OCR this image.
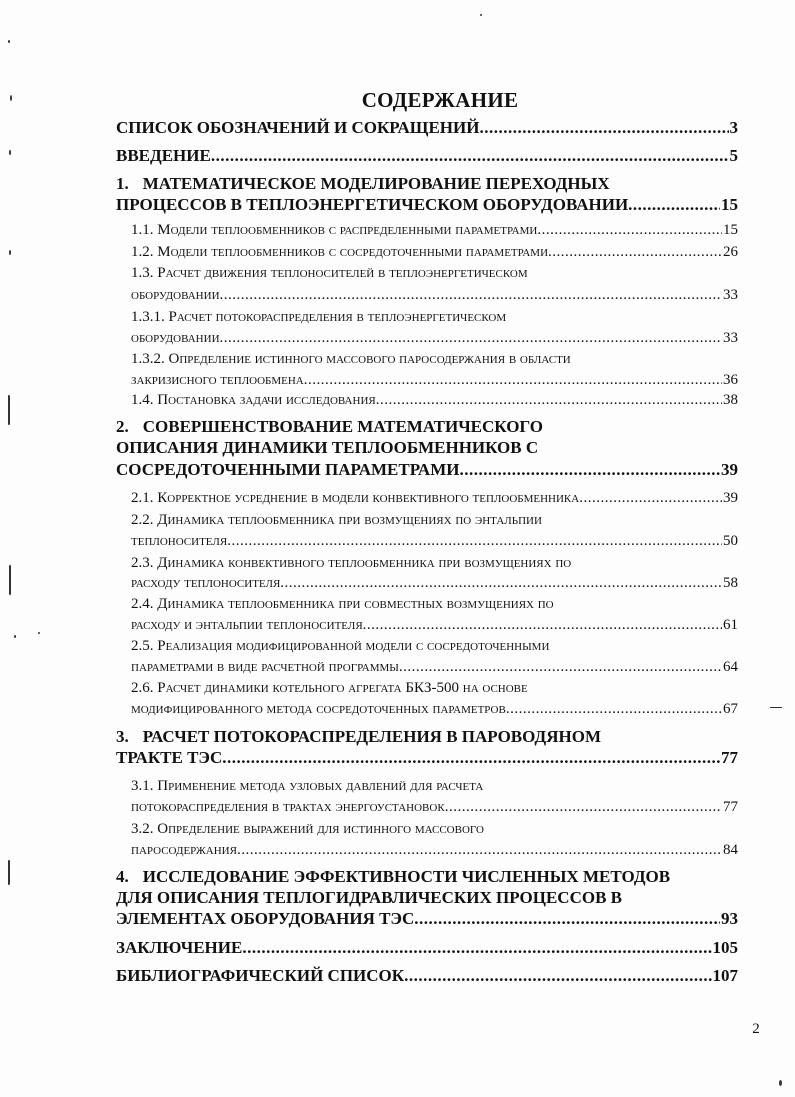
СОДЕРЖАНИЕ
СПИСОК ОБОЗНАЧЕНИЙ И СОКРАЩЕНИЙ .....	3
ВВЕДЕНИЕ .....	5
1. МАТЕМАТИЧЕСКОЕ МОДЕЛИРОВАНИЕ ПЕРЕХОДНЫХ
ПРОЦЕССОВ В ТЕПЛОЭНЕРГЕТИЧЕСКОМ ОБОРУДОВАНИИ .....	15
1.1. Модели теплообменников с распределенными параметрами .....	15
1.2. Модели теплообменников с сосредоточенными параметрами .....	26
1.3. Расчет движения теплоносителей в теплоэнергетическом
оборудовании .....	33
1.3.1. Расчет потокораспределения в теплоэнергетическом
оборудовании .....	33
1.3.2. Определение истинного массового паросодержания в области
закризисного теплообмена .....	36
1.4. Постановка задачи исследования .....	38
2. СОВЕРШЕНСТВОВАНИЕ МАТЕМАТИЧЕСКОГО
ОПИСАНИЯ ДИНАМИКИ ТЕПЛООБМЕННИКОВ С
СОСРЕДОТОЧЕННЫМИ ПАРАМЕТРАМИ .....	39
2.1. Корректное усреднение в модели конвективного теплообменника .....	39
2.2. Динамика теплообменника при возмущениях по энтальпии
теплоносителя .....	50
2.3. Динамика конвективного теплообменника при возмущениях по
расходу теплоносителя .....	58
2.4. Динамика теплообменника при совместных возмущениях по
расходу и энтальпии теплоносителя .....	61
2.5. Реализация модифицированной модели с сосредоточенными
параметрами в виде расчетной программы .....	64
2.6. Расчет динамики котельного агрегата БКЗ-500 на основе
модифицированного метода сосредоточенных параметров .....	67
3. РАСЧЕТ ПОТОКОРАСПРЕДЕЛЕНИЯ В ПАРОВОДЯНОМ
ТРАКТЕ ТЭС .....	77
3.1. Применение метода узловых давлений для расчета
потокораспределения в трактах энергоустановок .....	77
3.2. Определение выражений для истинного массового
паросодержания .....	84
4. ИССЛЕДОВАНИЕ ЭФФЕКТИВНОСТИ ЧИСЛЕННЫХ МЕТОДОВ
ДЛЯ ОПИСАНИЯ ТЕПЛОГИДРАВЛИЧЕСКИХ ПРОЦЕССОВ В
ЭЛЕМЕНТАХ ОБОРУДОВАНИЯ ТЭС .....	93
ЗАКЛЮЧЕНИЕ .....	105
БИБЛИОГРАФИЧЕСКИЙ СПИСОК .....	107
2
